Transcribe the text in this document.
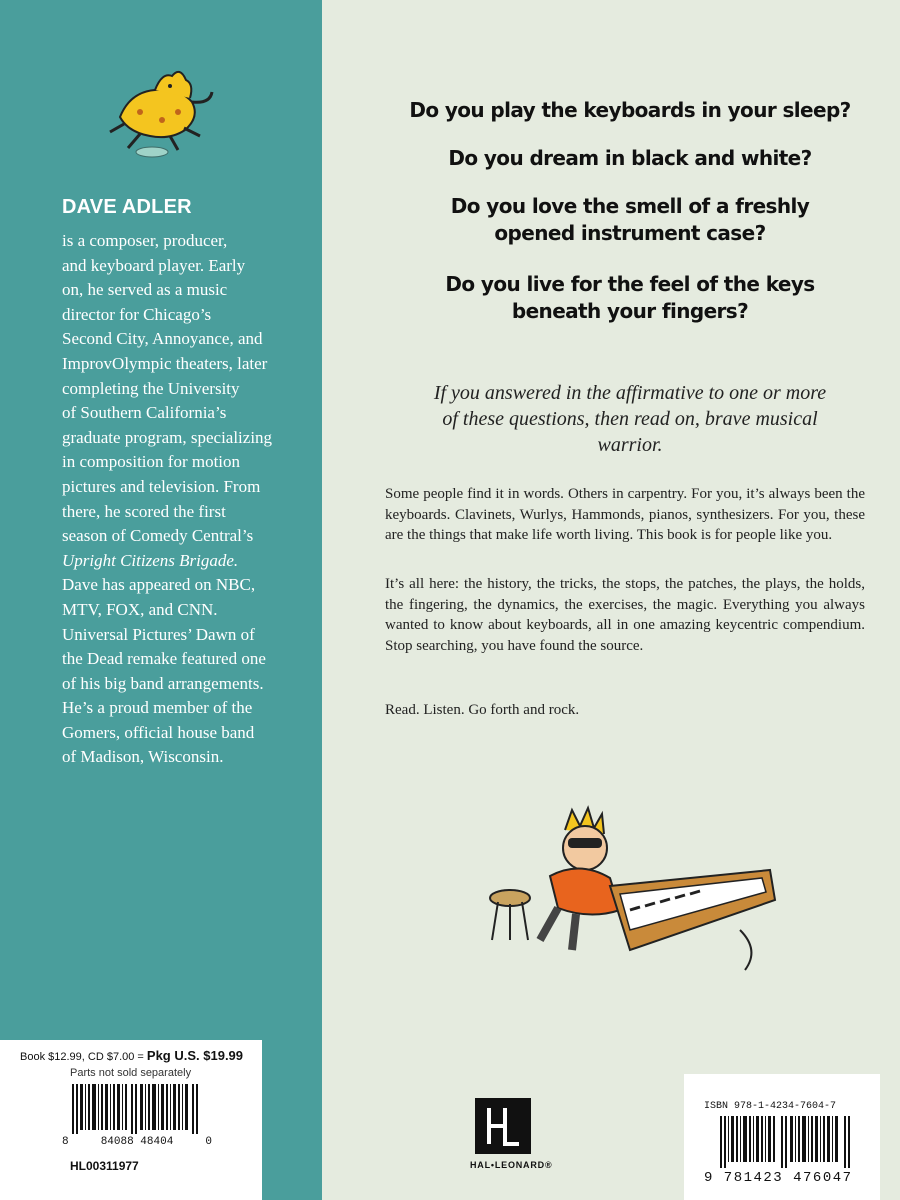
DAVE ADLER

is a composer, producer,

and keyboard player. Early

on, he served as a music

director for Chicago’s

Second City, Annoyance, and

ImprovOlympic theaters, later

completing the University

of Southern California’s

graduate program, specializing

in composition for motion

pictures and television. From

there, he scored the first

season of Comedy Central’s

Upright Citizens Brigade.

Dave has appeared on NBC,

MTV, FOX, and CNN.

Universal Pictures’ Dawn of

the Dead remake featured one

of his big band arrangements.

He’s a proud member of the

Gomers, official house band

of Madison, Wisconsin.

Book $12.99, CD $7.00 = Pkg U.S. $19.99
Parts not sold separately
8	84088 48404	0
HL00311977
Do you play the keyboards in your sleep?
Do you dream in black and white?
Do you love the smell of a freshly opened instrument case?
Do you live for the feel of the keys beneath your fingers?
If you answered in the affirmative to one or more of these questions, then read on, brave musical warrior.
Some people find it in words. Others in carpentry. For you, it’s always been the keyboards. Clavinets, Wurlys, Hammonds, pianos, synthesizers. For you, these are the things that make life worth living. This book is for people like you.
It’s all here: the history, the tricks, the stops, the patches, the plays, the holds, the fingering, the dynamics, the exercises, the magic. Everything you always wanted to know about keyboards, all in one amazing keycentric compendium. Stop searching, you have found the source.
Read. Listen. Go forth and rock.
HAL•LEONARD®
ISBN 978-1-4234-7604-7
9 781423 476047
